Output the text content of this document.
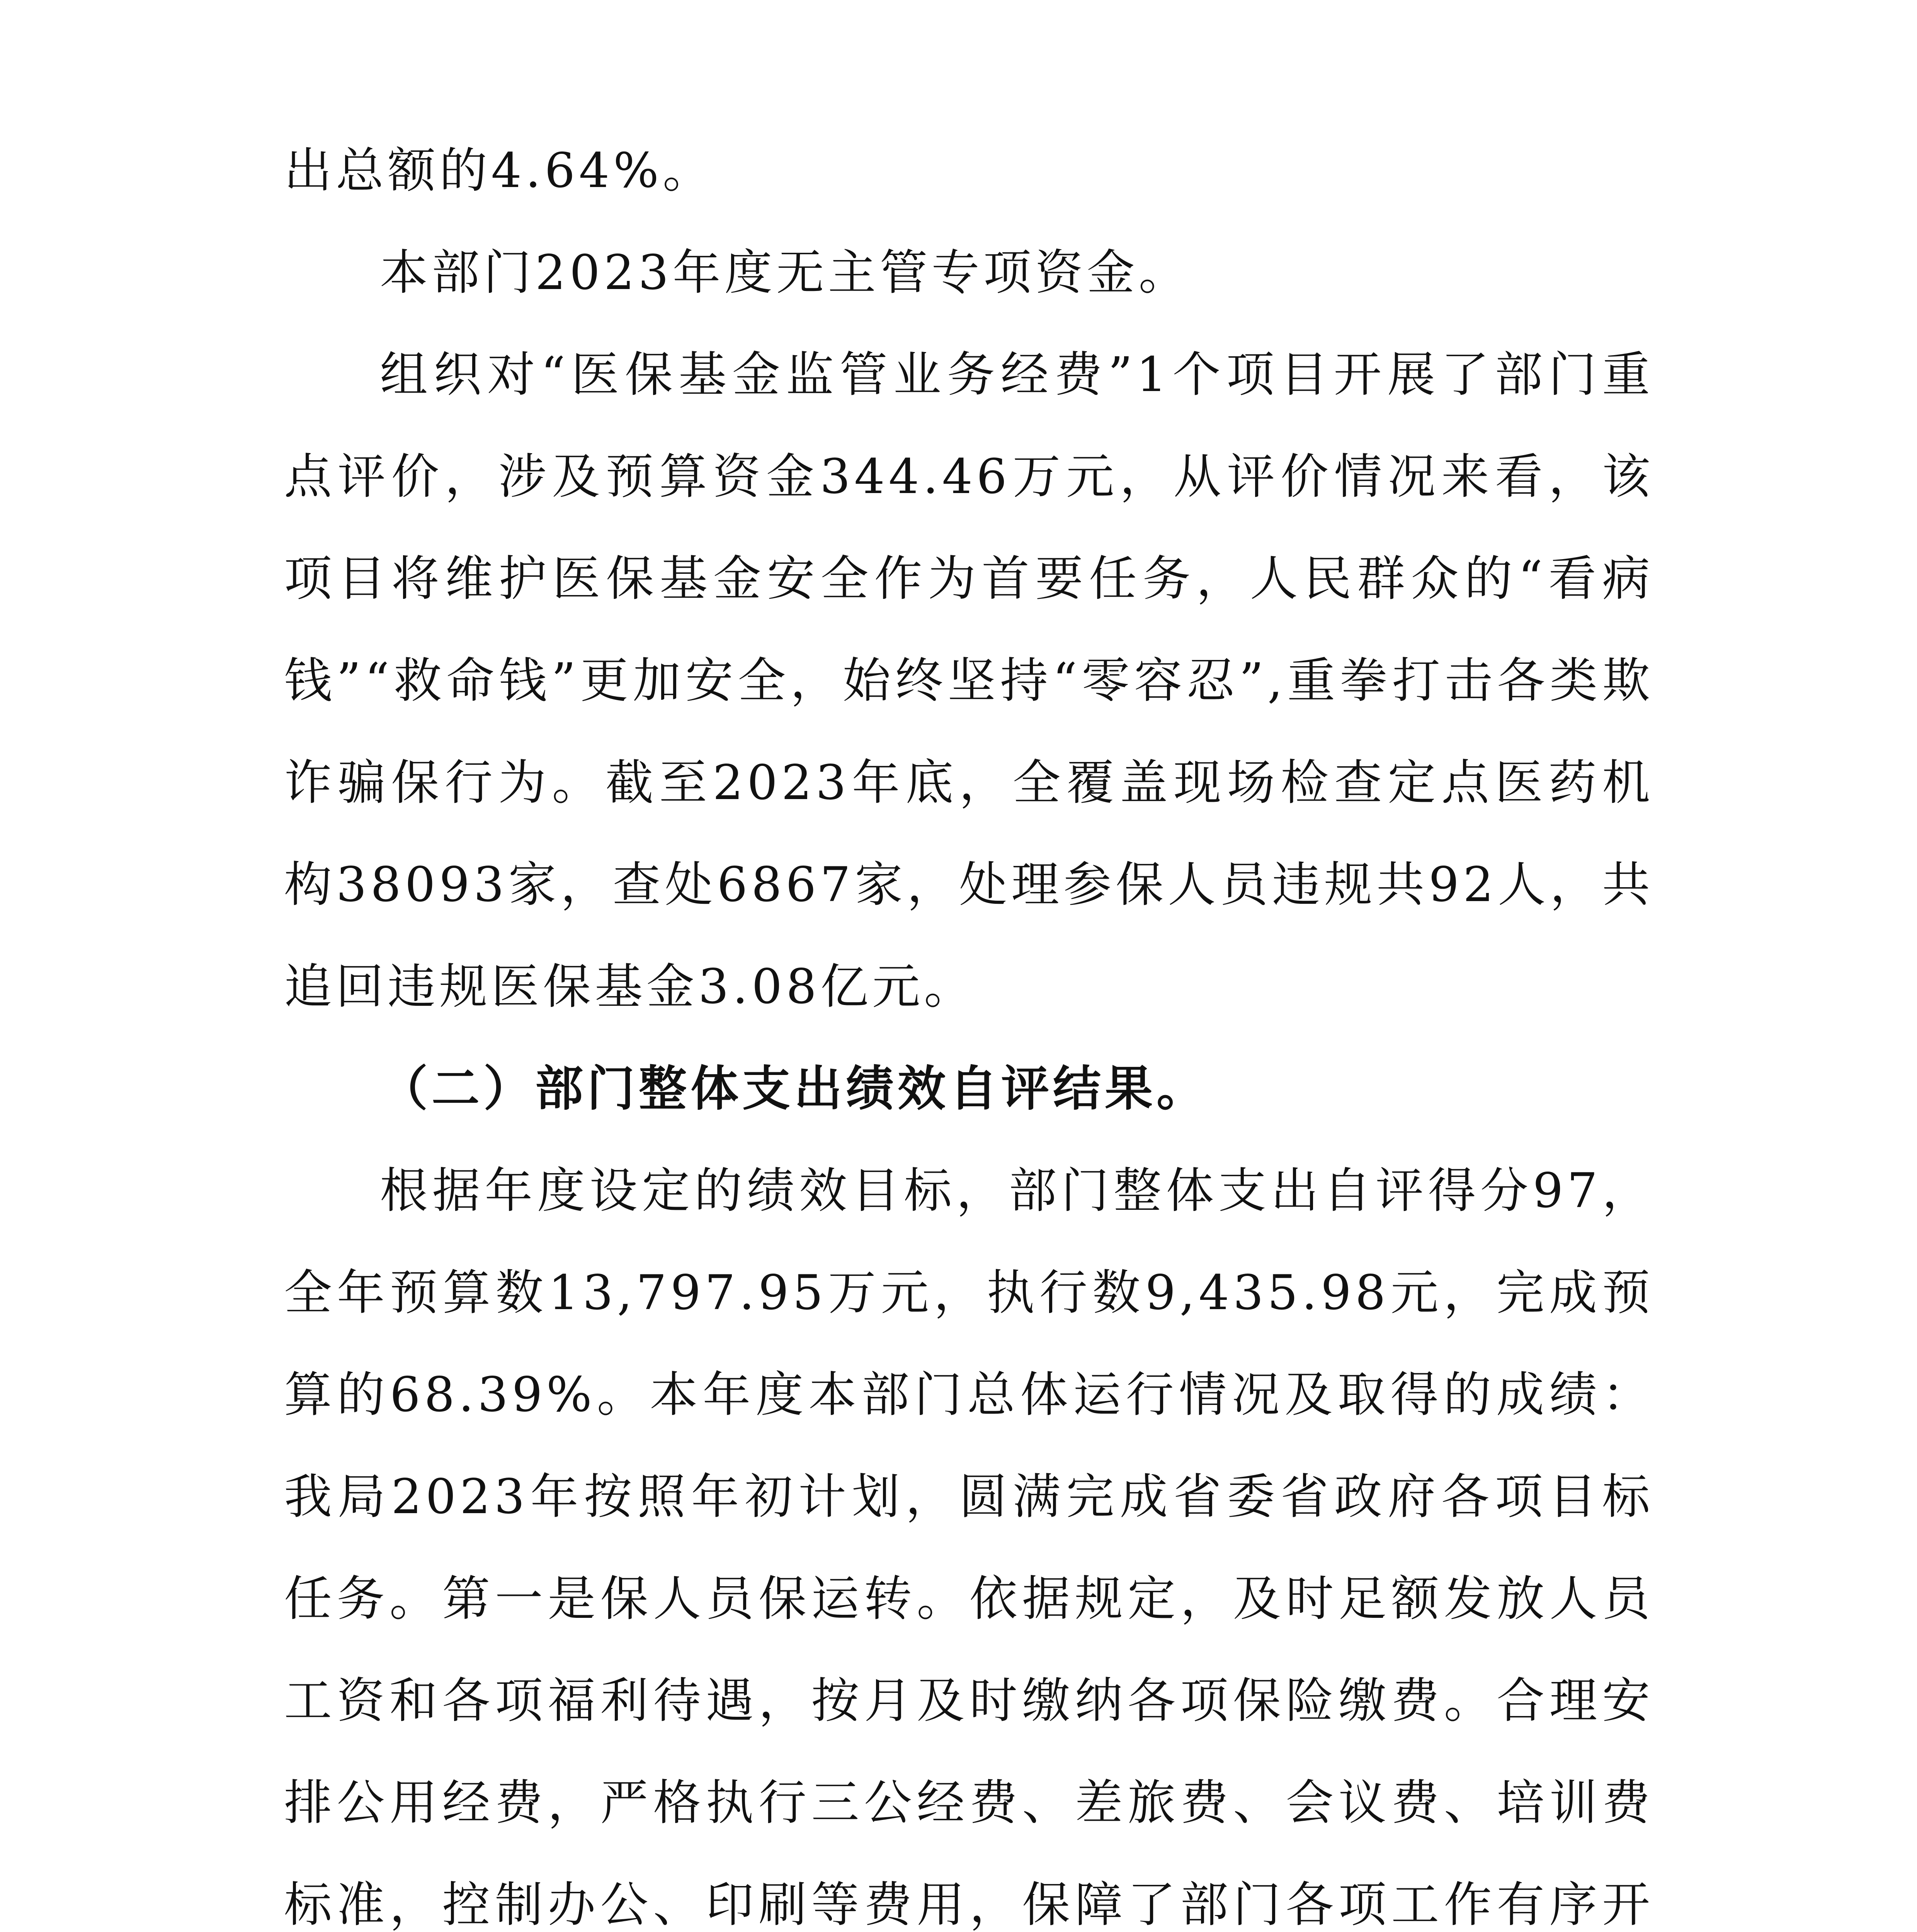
出总额的4.64%。

本部门2023年度无主管专项资金。

组织对“医保基金监管业务经费”1个项目开展了部门重点评价，涉及预算资金344.46万元，从评价情况来看，该项目将维护医保基金安全作为首要任务，人民群众的“看病钱”“救命钱”更加安全，始终坚持“零容忍”,重拳打击各类欺诈骗保行为。截至2023年底，全覆盖现场检查定点医药机构38093家，查处6867家，处理参保人员违规共92人，共追回违规医保基金3.08亿元。

（二）部门整体支出绩效自评结果。

根据年度设定的绩效目标，部门整体支出自评得分97，全年预算数13,797.95万元，执行数9,435.98元，完成预算的68.39%。本年度本部门总体运行情况及取得的成绩：我局2023年按照年初计划，圆满完成省委省政府各项目标任务。第一是保人员保运转。依据规定，及时足额发放人员工资和各项福利待遇，按月及时缴纳各项保险缴费。合理安排公用经费，严格执行三公经费、差旅费、会议费、培训费标准，控制办公、印刷等费用，保障了部门各项工作有序开
